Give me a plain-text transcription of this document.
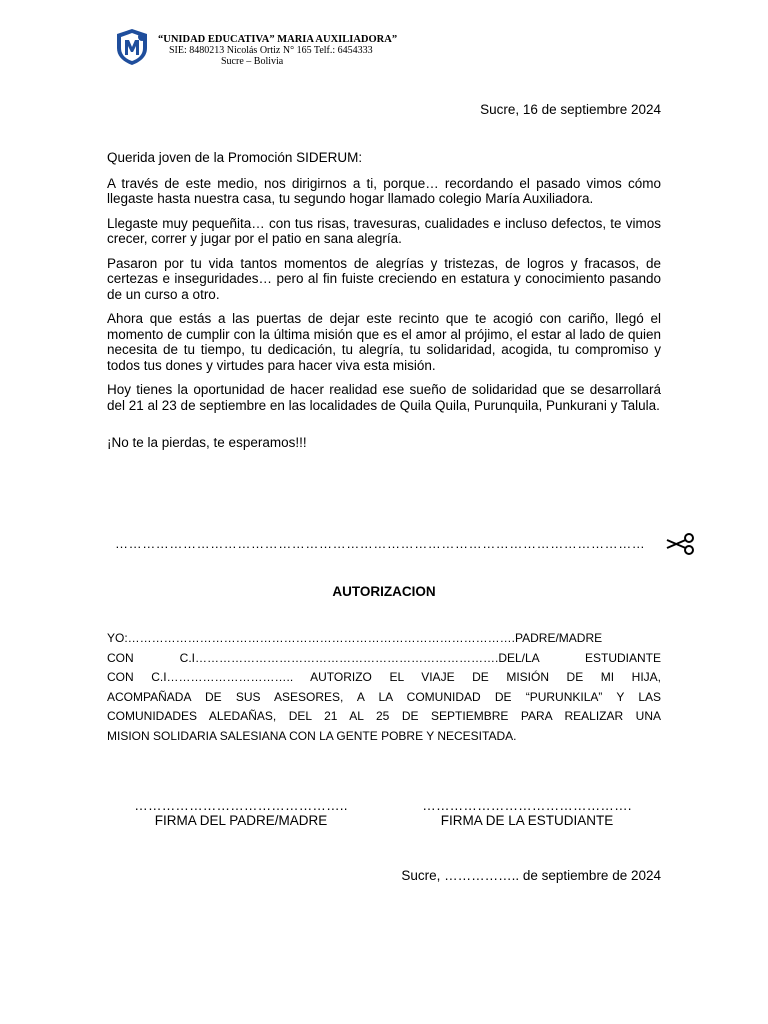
“UNIDAD EDUCATIVA” MARIA AUXILIADORA”
SIE: 8480213 Nicolás Ortiz N° 165 Telf.: 6454333
Sucre – Bolivia
Sucre, 16 de septiembre 2024

Querida joven de la Promoción SIDERUM:

A través de este medio, nos dirigirnos a ti, porque… recordando el pasado vimos cómo llegaste hasta nuestra casa, tu segundo hogar llamado colegio María Auxiliadora.

Llegaste muy pequeñita… con tus risas, travesuras, cualidades e incluso defectos, te vimos crecer, correr y jugar por el patio en sana alegría.

Pasaron por tu vida tantos momentos de alegrías y tristezas, de logros y fracasos, de certezas e inseguridades… pero al fin fuiste creciendo en estatura y conocimiento pasando de un curso a otro.

Ahora que estás a las puertas de dejar este recinto que te acogió con cariño, llegó el momento de cumplir con la última misión que es el amor al prójimo, el estar al lado de quien necesita de tu tiempo, tu dedicación, tu alegría, tu solidaridad, acogida, tu compromiso y todos tus dones y virtudes para hacer viva esta misión.

Hoy tienes la oportunidad de hacer realidad ese sueño de solidaridad que se desarrollará del 21 al 23 de septiembre en las localidades de Quila Quila, Purunquila, Punkurani y Talula.

¡No te la pierdas, te esperamos!!!

………………………………………………………………………………………………………
AUTORIZACION
YO:…………………………………………………………………………………….PADRE/MADRE
CON C.I………………………………………………………………….DEL/LA ESTUDIANTE
CON C.I………………………….. AUTORIZO EL VIAJE DE MISIÓN DE MI HIJA,
ACOMPAÑADA DE SUS ASESORES, A LA COMUNIDAD DE “PURUNKILA” Y LAS
COMUNIDADES ALEDAÑAS, DEL 21 AL 25 DE SEPTIEMBRE PARA REALIZAR UNA
MISION SOLIDARIA SALESIANA CON LA GENTE POBRE Y NECESITADA.
………………………………………..
FIRMA DEL PADRE/MADRE
……………………………………….
FIRMA DE LA ESTUDIANTE
Sucre, …………….. de septiembre de 2024
